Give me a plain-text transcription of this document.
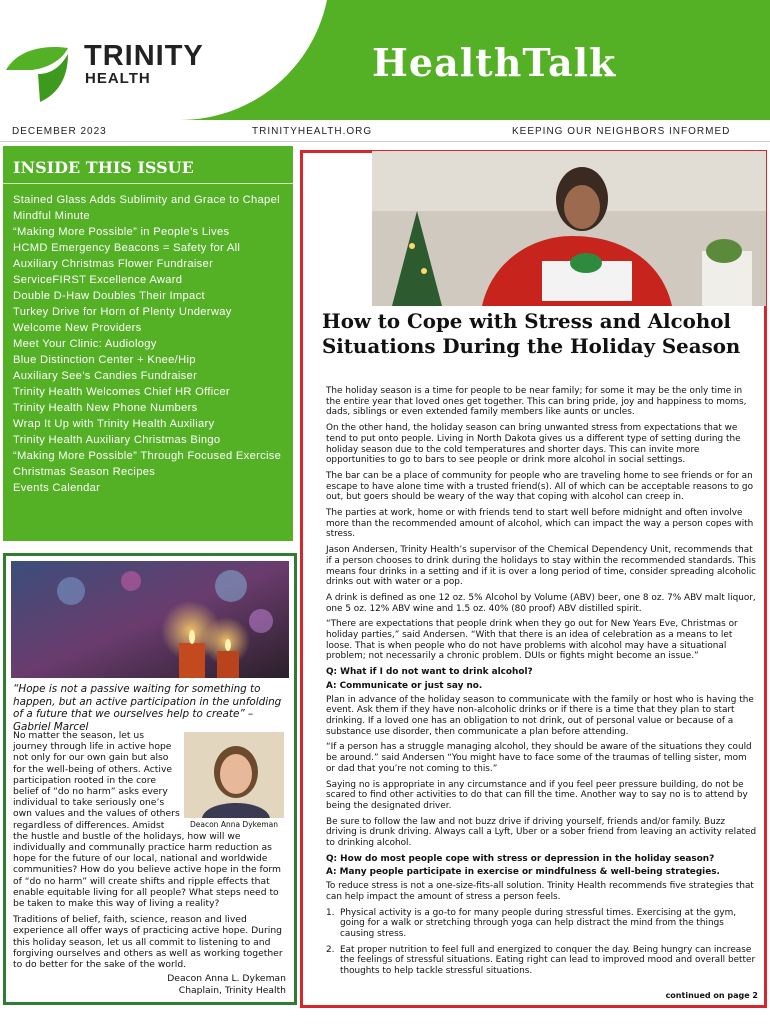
TRINITY
HEALTH	HealthTalk
DECEMBER 2023	TRINITYHEALTH.ORG	KEEPING OUR NEIGHBORS INFORMED
INSIDE THIS ISSUE
Stained Glass Adds Sublimity and Grace to Chapel
Mindful Minute
“Making More Possible” in People’s Lives
HCMD Emergency Beacons = Safety for All
Auxiliary Christmas Flower Fundraiser
ServiceFIRST Excellence Award
Double D-Haw Doubles Their Impact
Turkey Drive for Horn of Plenty Underway
Welcome New Providers
Meet Your Clinic: Audiology
Blue Distinction Center + Knee/Hip
Auxiliary See’s Candies Fundraiser
Trinity Health Welcomes Chief HR Officer
Trinity Health New Phone Numbers
Wrap It Up with Trinity Health Auxiliary
Trinity Health Auxiliary Christmas Bingo
“Making More Possible” Through Focused Exercise
Christmas Season Recipes
Events Calendar
“Hope is not a passive waiting for something to happen, but an active participation in the unfolding of a future that we ourselves help to create” – Gabriel Marcel
Deacon Anna Dykeman

No matter the season, let us journey through life in active hope not only for our own gain but also for the well-being of others. Active participation rooted in the core belief of “do no harm” asks every individual to take seriously one’s own values and the values of others regardless of differences. Amidst the hustle and bustle of the holidays, how will we individually and communally practice harm reduction as hope for the future of our local, national and worldwide communities? How do you believe active hope in the form of “do no harm” will create shifts and ripple effects that enable equitable living for all people? What steps need to be taken to make this way of living a reality?

Traditions of belief, faith, science, reason and lived experience all offer ways of practicing active hope. During this holiday season, let us all commit to listening to and forgiving ourselves and others as well as working together to do better for the sake of the world.

Deacon Anna L. Dykeman
Chaplain, Trinity Health
How to Cope with Stress and Alcohol Situations During the Holiday Season

The holiday season is a time for people to be near family; for some it may be the only time in the entire year that loved ones get together. This can bring pride, joy and happiness to moms, dads, siblings or even extended family members like aunts or uncles.

On the other hand, the holiday season can bring unwanted stress from expectations that we tend to put onto people. Living in North Dakota gives us a different type of setting during the holiday season due to the cold temperatures and shorter days. This can invite more opportunities to go to bars to see people or drink more alcohol in social settings.

The bar can be a place of community for people who are traveling home to see friends or for an escape to have alone time with a trusted friend(s). All of which can be acceptable reasons to go out, but goers should be weary of the way that coping with alcohol can creep in.

The parties at work, home or with friends tend to start well before midnight and often involve more than the recommended amount of alcohol, which can impact the way a person copes with stress.

Jason Andersen, Trinity Health’s supervisor of the Chemical Dependency Unit, recommends that if a person chooses to drink during the holidays to stay within the recommended standards. This means four drinks in a setting and if it is over a long period of time, consider spreading alcoholic drinks out with water or a pop.

A drink is defined as one 12 oz. 5% Alcohol by Volume (ABV) beer, one 8 oz. 7% ABV malt liquor, one 5 oz. 12% ABV wine and 1.5 oz. 40% (80 proof) ABV distilled spirit.

“There are expectations that people drink when they go out for New Years Eve, Christmas or holiday parties,” said Andersen. “With that there is an idea of celebration as a means to let loose. That is when people who do not have problems with alcohol may have a situational problem; not necessarily a chronic problem. DUIs or fights might become an issue.”

Q: What if I do not want to drink alcohol?

A: Communicate or just say no.

Plan in advance of the holiday season to communicate with the family or host who is having the event. Ask them if they have non-alcoholic drinks or if there is a time that they plan to start drinking. If a loved one has an obligation to not drink, out of personal value or because of a substance use disorder, then communicate a plan before attending.

“If a person has a struggle managing alcohol, they should be aware of the situations they could be around.” said Andersen “You might have to face some of the traumas of telling sister, mom or dad that you’re not coming to this.”

Saying no is appropriate in any circumstance and if you feel peer pressure building, do not be scared to find other activities to do that can fill the time. Another way to say no is to attend by being the designated driver.

Be sure to follow the law and not buzz drive if driving yourself, friends and/or family. Buzz driving is drunk driving. Always call a Lyft, Uber or a sober friend from leaving an activity related to drinking alcohol.

Q: How do most people cope with stress or depression in the holiday season?

A: Many people participate in exercise or mindfulness & well-being strategies.

To reduce stress is not a one-size-fits-all solution. Trinity Health recommends five strategies that can help impact the amount of stress a person feels.

1. Physical activity is a go-to for many people during stressful times. Exercising at the gym, going for a walk or stretching through yoga can help distract the mind from the things causing stress.
2. Eat proper nutrition to feel full and energized to conquer the day. Being hungry can increase the feelings of stressful situations. Eating right can lead to improved mood and overall better thoughts to help tackle stressful situations.
continued on page 2
